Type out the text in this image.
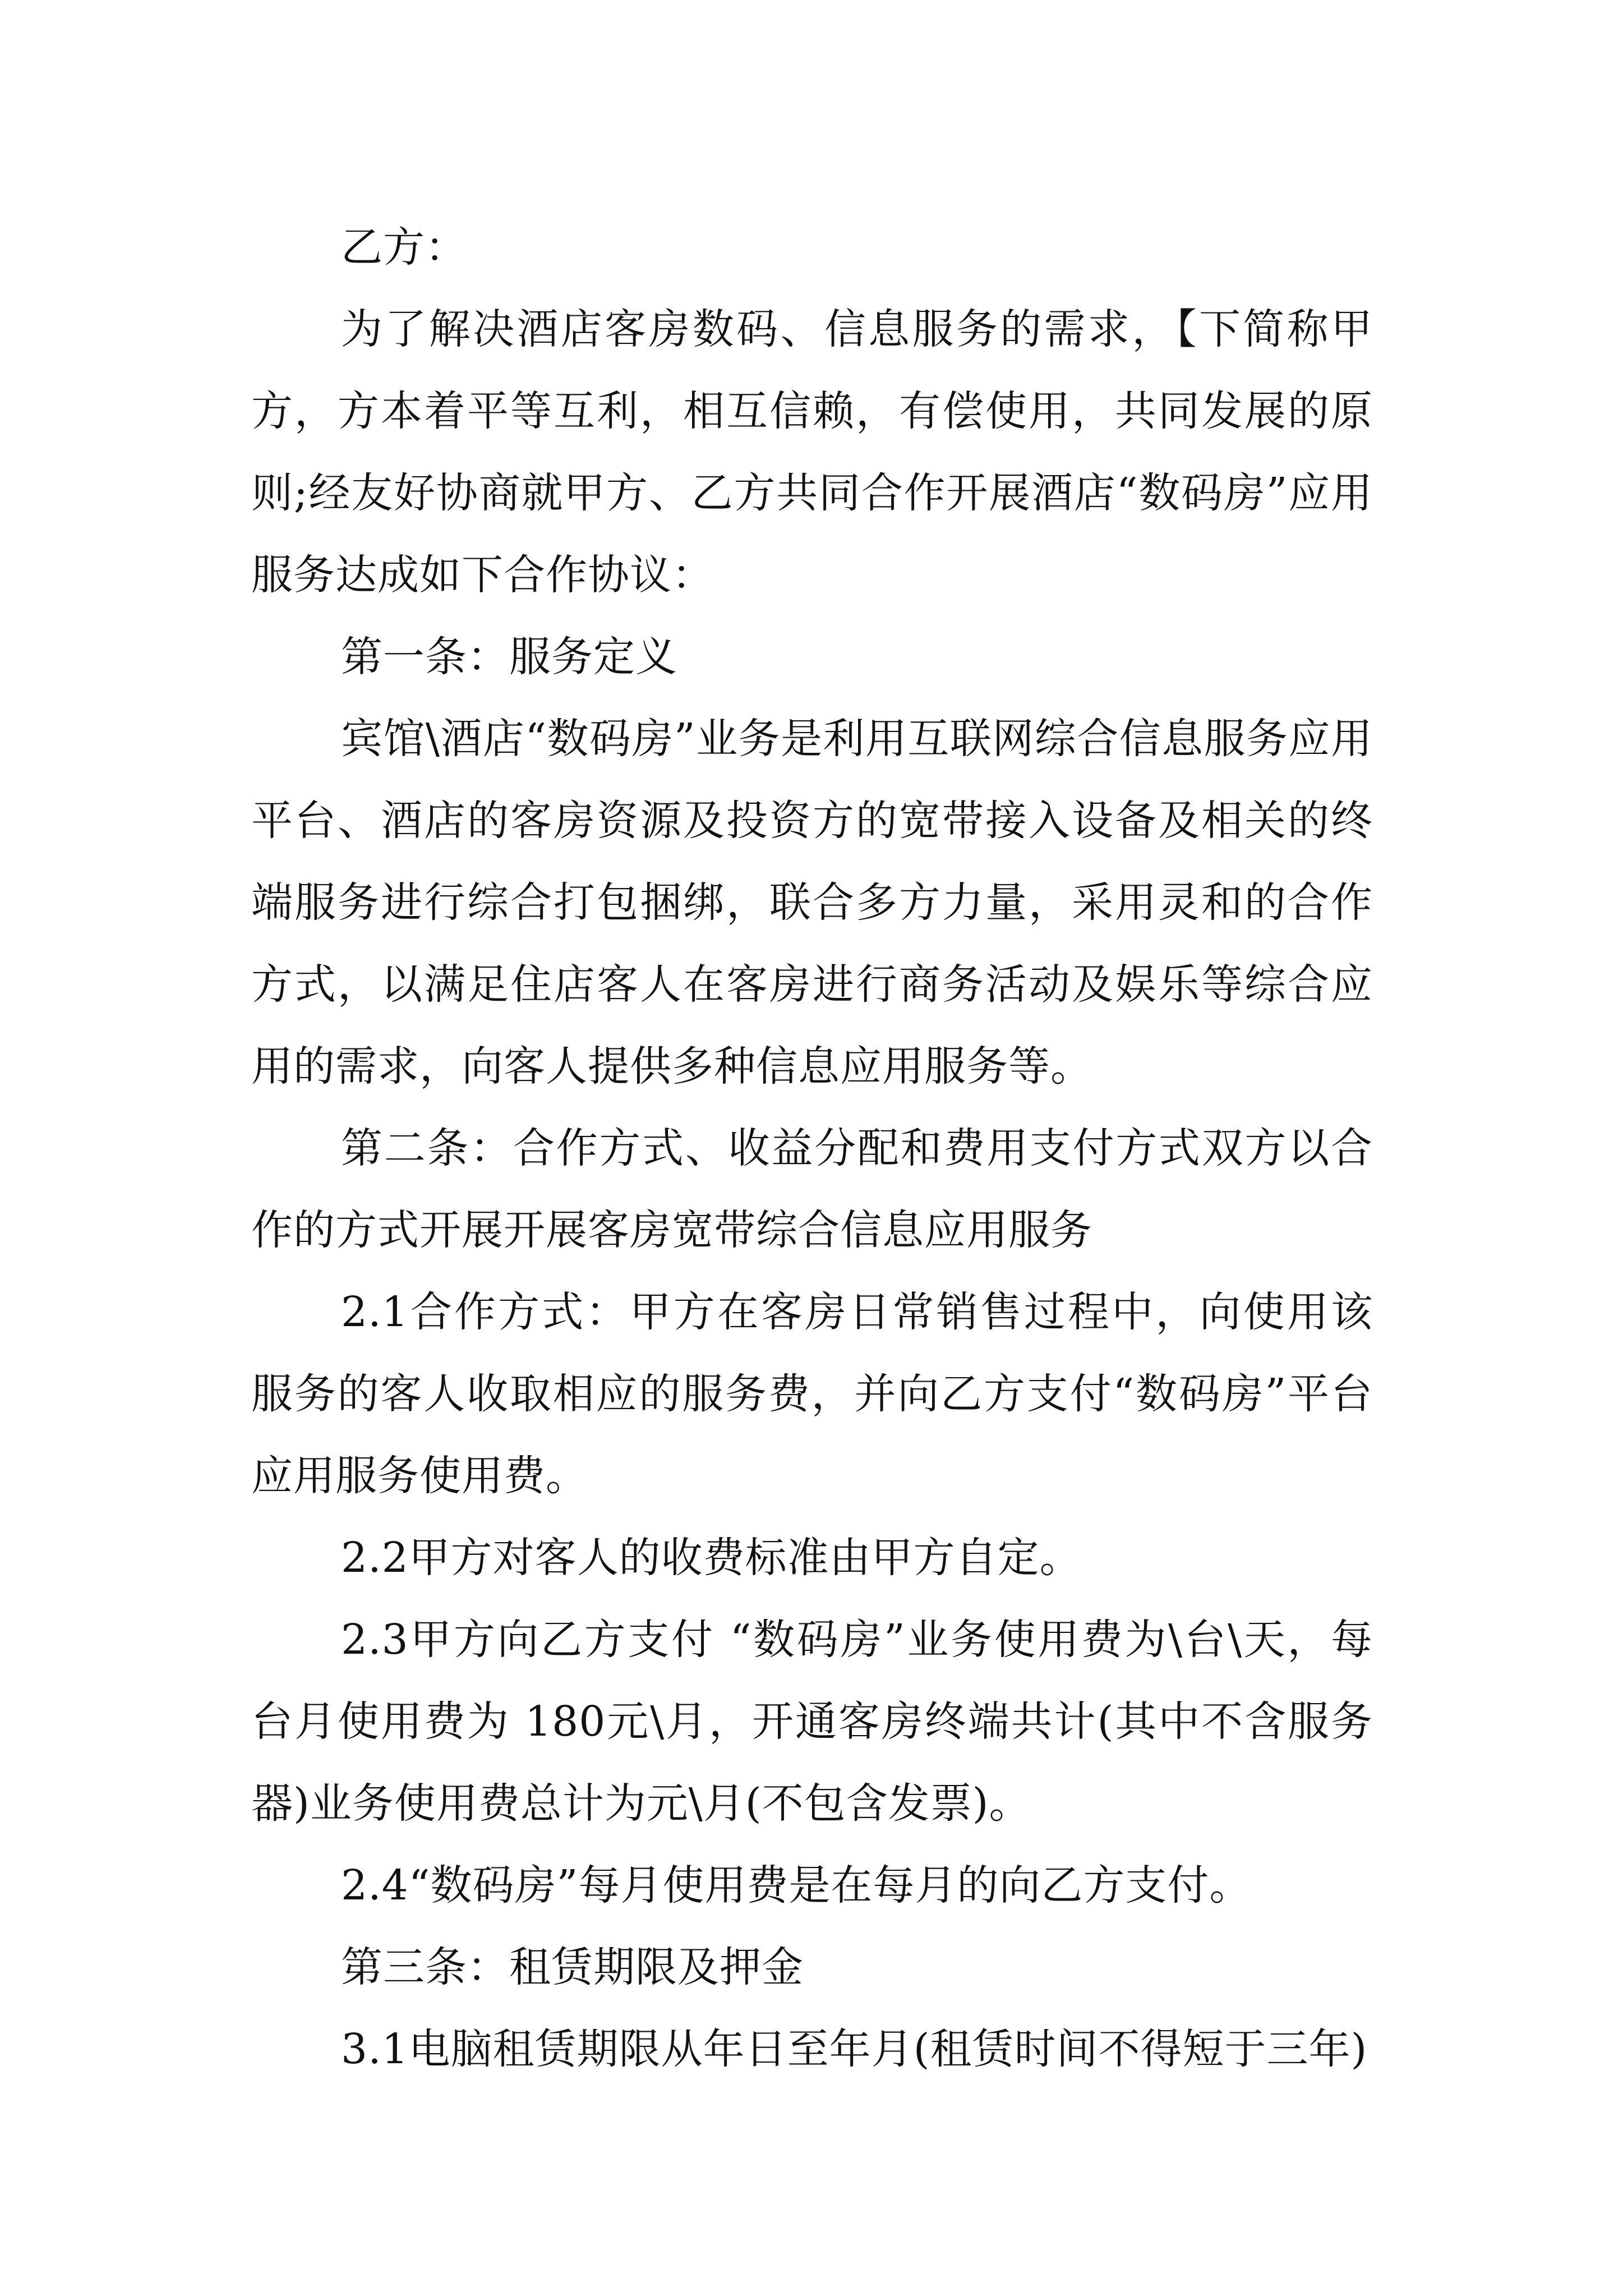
乙方：

为了解决酒店客房数码、信息服务的需求，【下简称甲方，方本着平等互利，相互信赖，有偿使用，共同发展的原则;经友好协商就甲方、乙方共同合作开展酒店“数码房”应用服务达成如下合作协议：

第一条：服务定义

宾馆\酒店“数码房”业务是利用互联网综合信息服务应用平台、酒店的客房资源及投资方的宽带接入设备及相关的终端服务进行综合打包捆绑，联合多方力量，采用灵和的合作方式，以满足住店客人在客房进行商务活动及娱乐等综合应用的需求，向客人提供多种信息应用服务等。

第二条：合作方式、收益分配和费用支付方式双方以合作的方式开展开展客房宽带综合信息应用服务

2.1合作方式：甲方在客房日常销售过程中，向使用该服务的客人收取相应的服务费，并向乙方支付“数码房”平台应用服务使用费。

2.2甲方对客人的收费标准由甲方自定。

2.3甲方向乙方支付 “数码房”业务使用费为\台\天，每台月使用费为 180元\月，开通客房终端共计(其中不含服务器)业务使用费总计为元\月(不包含发票)。

2.4“数码房”每月使用费是在每月的向乙方支付。

第三条：租赁期限及押金

3.1电脑租赁期限从年日至年月(租赁时间不得短于三年)
